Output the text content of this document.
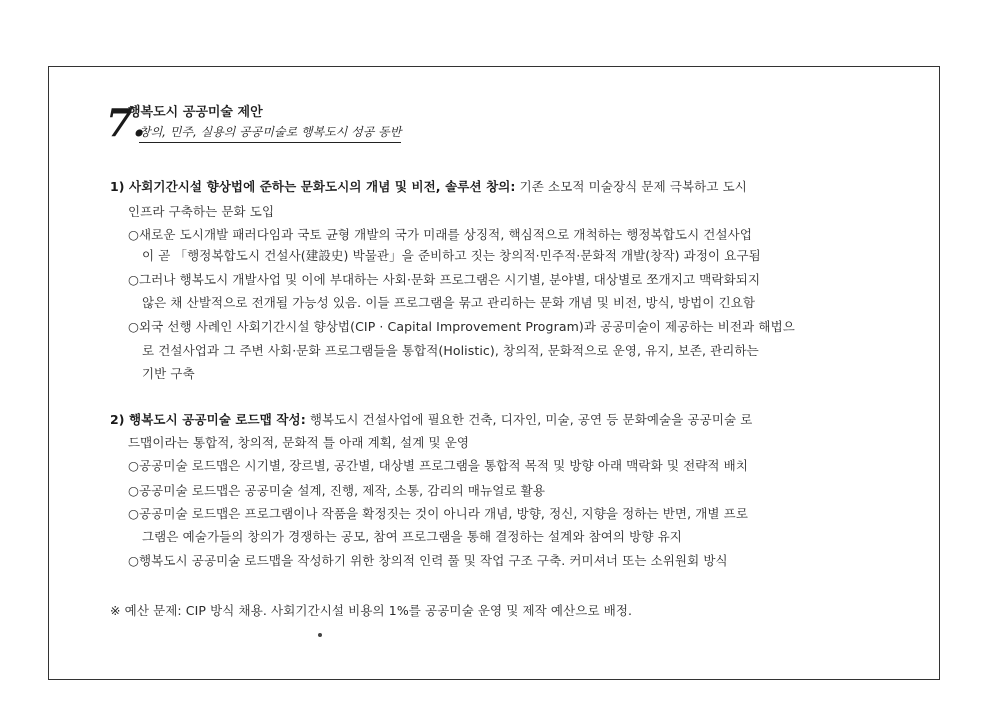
7.
행복도시 공공미술 제안
창의, 민주, 실용의 공공미술로 행복도시 성공 동반
1) 사회기간시설 향상법에 준하는 문화도시의 개념 및 비전, 솔루션 창의: 기존 소모적 미술장식 문제 극복하고 도시
인프라 구축하는 문화 도입
○새로운 도시개발 패러다임과 국토 균형 개발의 국가 미래를 상징적, 핵심적으로 개척하는 행정복합도시 건설사업
이 곧 「행정복합도시 건설사(建設史) 박물관」을 준비하고 짓는 창의적·민주적·문화적 개발(창작) 과정이 요구됨
○그러나 행복도시 개발사업 및 이에 부대하는 사회·문화 프로그램은 시기별, 분야별, 대상별로 쪼개지고 맥락화되지
않은 채 산발적으로 전개될 가능성 있음. 이들 프로그램을 묶고 관리하는 문화 개념 및 비전, 방식, 방법이 긴요함
○외국 선행 사례인 사회기간시설 향상법(CIP · Capital Improvement Program)과 공공미술이 제공하는 비전과 해법으
로 건설사업과 그 주변 사회·문화 프로그램들을 통합적(Holistic), 창의적, 문화적으로 운영, 유지, 보존, 관리하는
기반 구축
2) 행복도시 공공미술 로드맵 작성: 행복도시 건설사업에 필요한 건축, 디자인, 미술, 공연 등 문화예술을 공공미술 로
드맵이라는 통합적, 창의적, 문화적 틀 아래 계획, 설계 및 운영
○공공미술 로드맵은 시기별, 장르별, 공간별, 대상별 프로그램을 통합적 목적 및 방향 아래 맥락화 및 전략적 배치
○공공미술 로드맵은 공공미술 설계, 진행, 제작, 소통, 감리의 매뉴얼로 활용
○공공미술 로드맵은 프로그램이나 작품을 확정짓는 것이 아니라 개념, 방향, 정신, 지향을 정하는 반면, 개별 프로
그램은 예술가들의 창의가 경쟁하는 공모, 참여 프로그램을 통해 결정하는 설계와 참여의 방향 유지
○행복도시 공공미술 로드맵을 작성하기 위한 창의적 인력 풀 및 작업 구조 구축. 커미셔너 또는 소위원회 방식
※ 예산 문제: CIP 방식 채용. 사회기간시설 비용의 1%를 공공미술 운영 및 제작 예산으로 배정.
